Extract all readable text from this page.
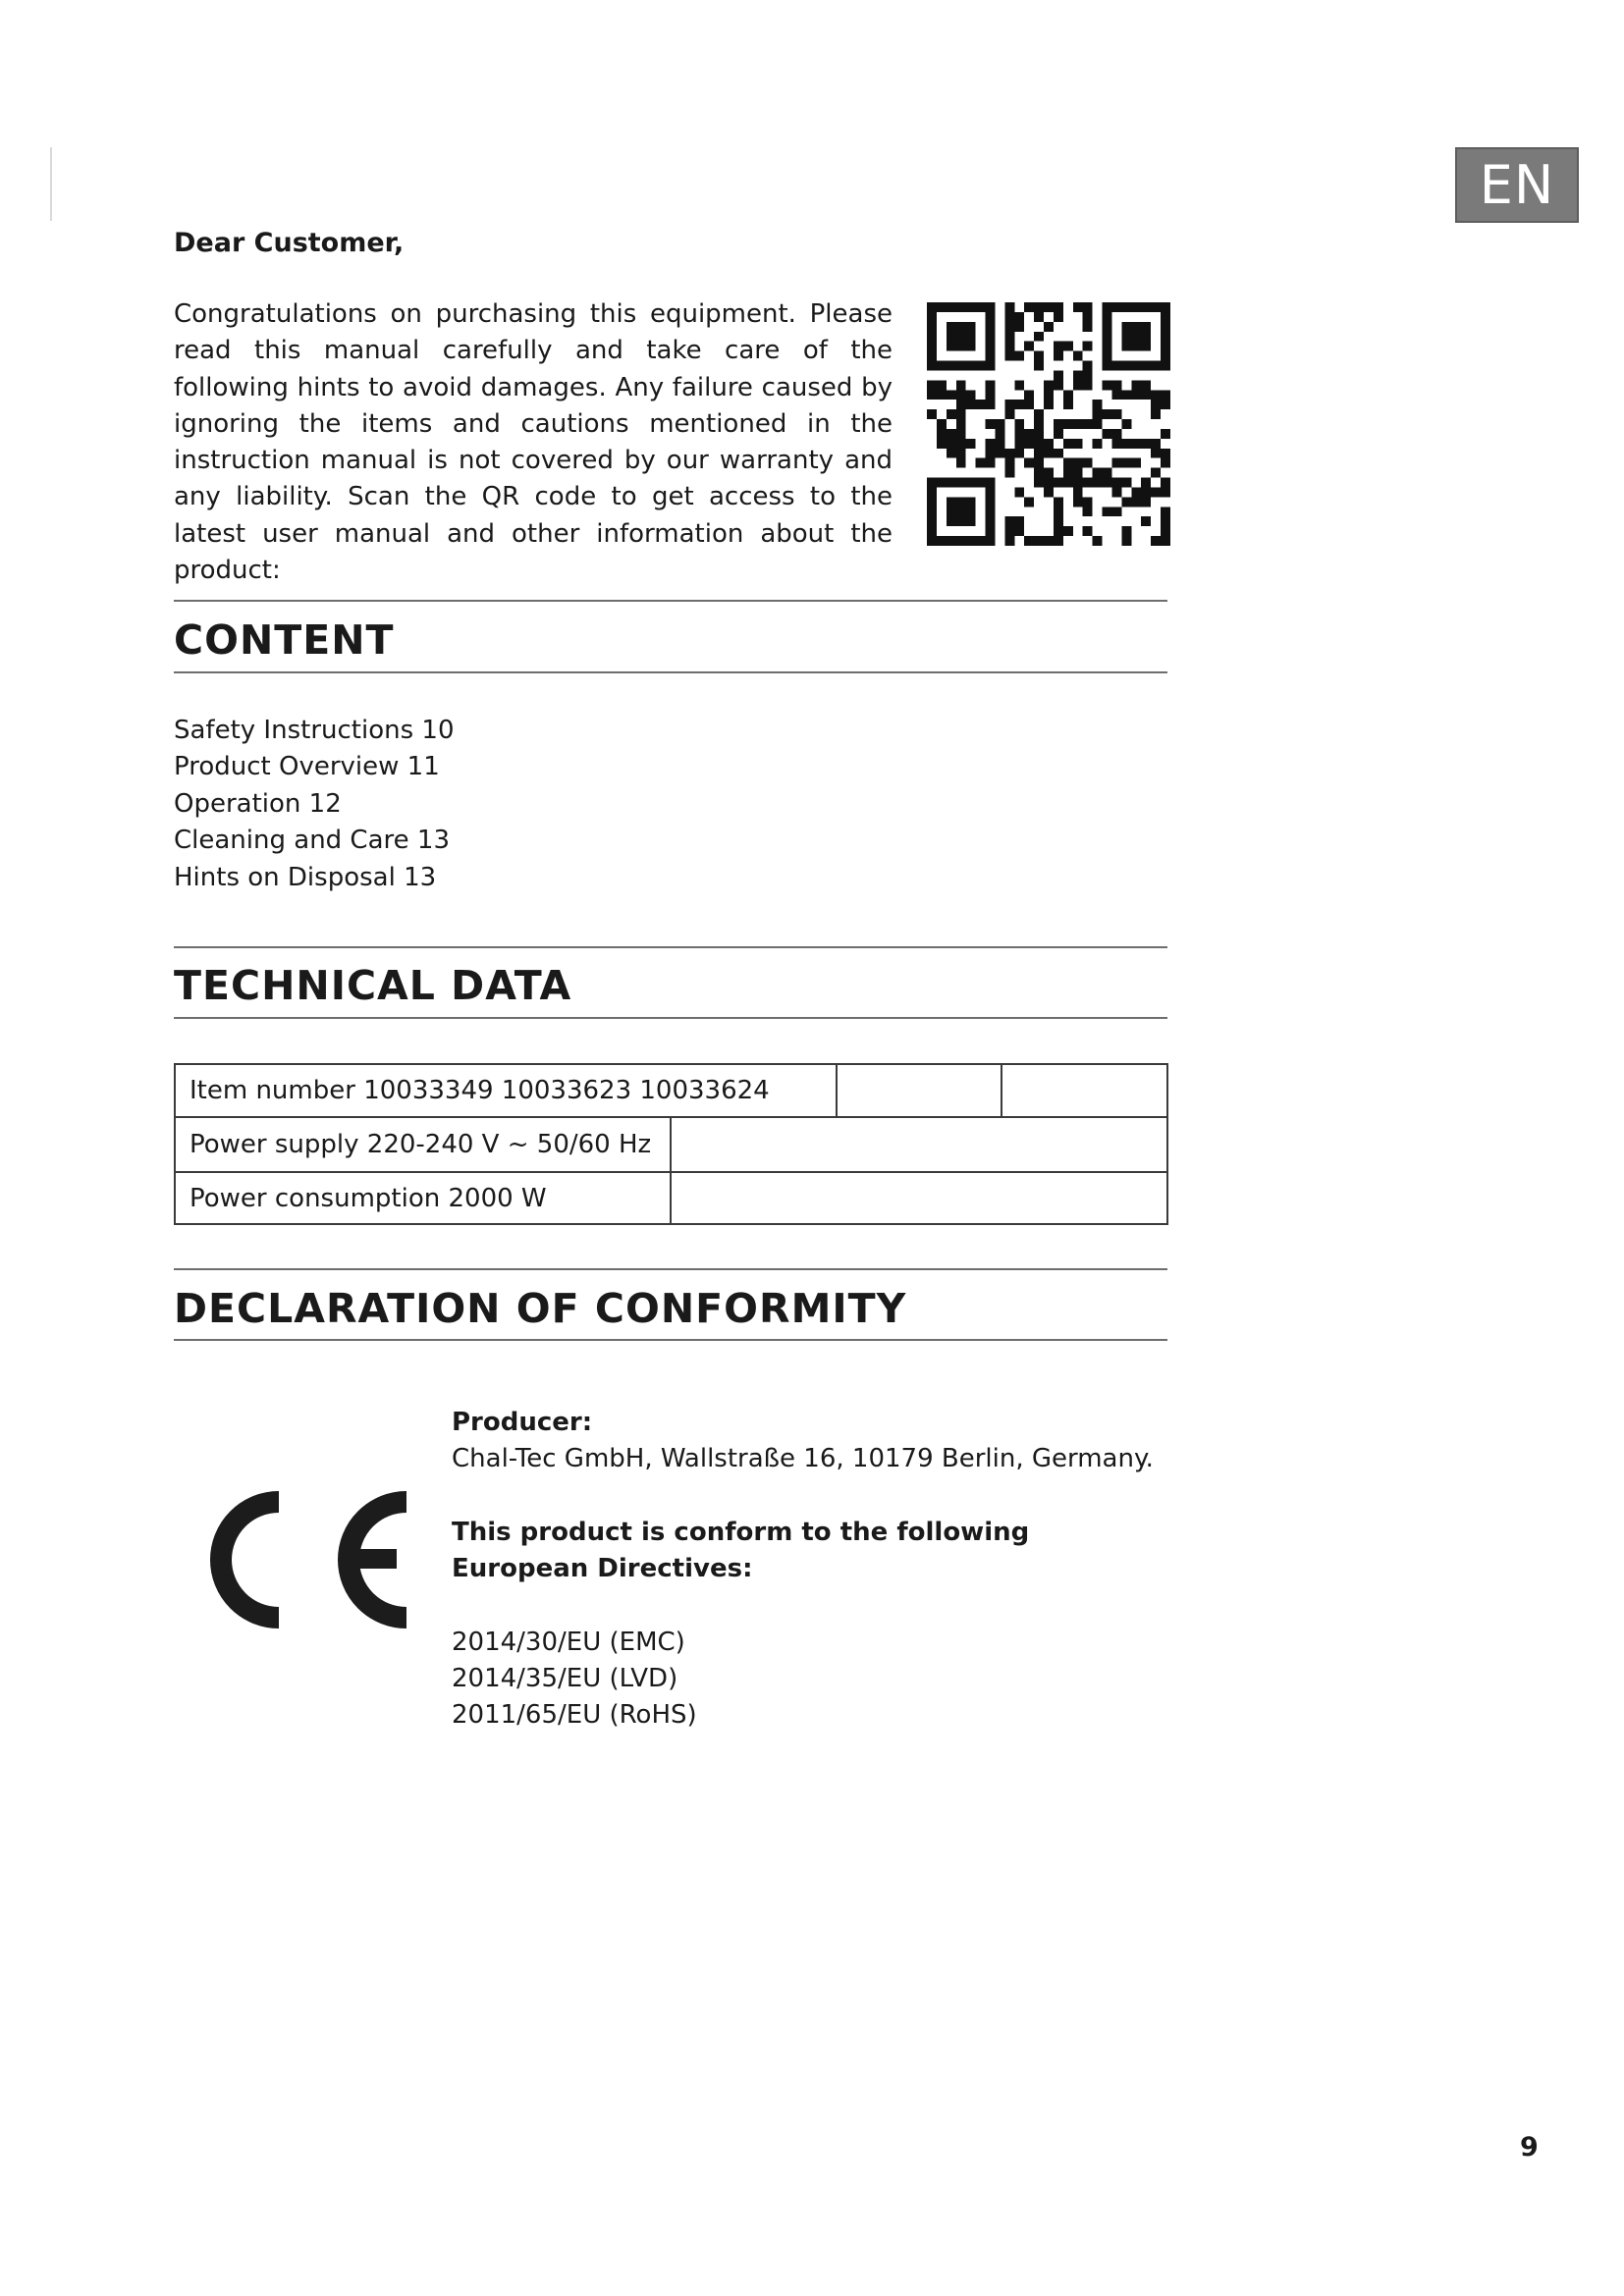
EN
Dear Customer,

Congratulations on purchasing this equipment. Please read this manual carefully and take care of the following hints to avoid damages. Any failure caused by ignoring the items and cautions mentioned in the instruction manual is not covered by our warranty and any liability. Scan the QR code to get access to the latest user manual and other information about the product:

CONTENT
Safety Instructions 10
Product Overview 11
Operation 12
Cleaning and Care 13
Hints on Disposal 13
TECHNICAL DATA
Item number 10033349 10033623 10033624			
Power supply 220-240 V ~ 50/60 Hz			
Power consumption 2000 W			
DECLARATION OF CONFORMITY
Producer:
Chal-Tec GmbH, Wallstraße 16, 10179 Berlin, Germany.
This product is conform to the following European Directives:
2014/30/EU (EMC)
2014/35/EU (LVD)
2011/65/EU (RoHS)
9
